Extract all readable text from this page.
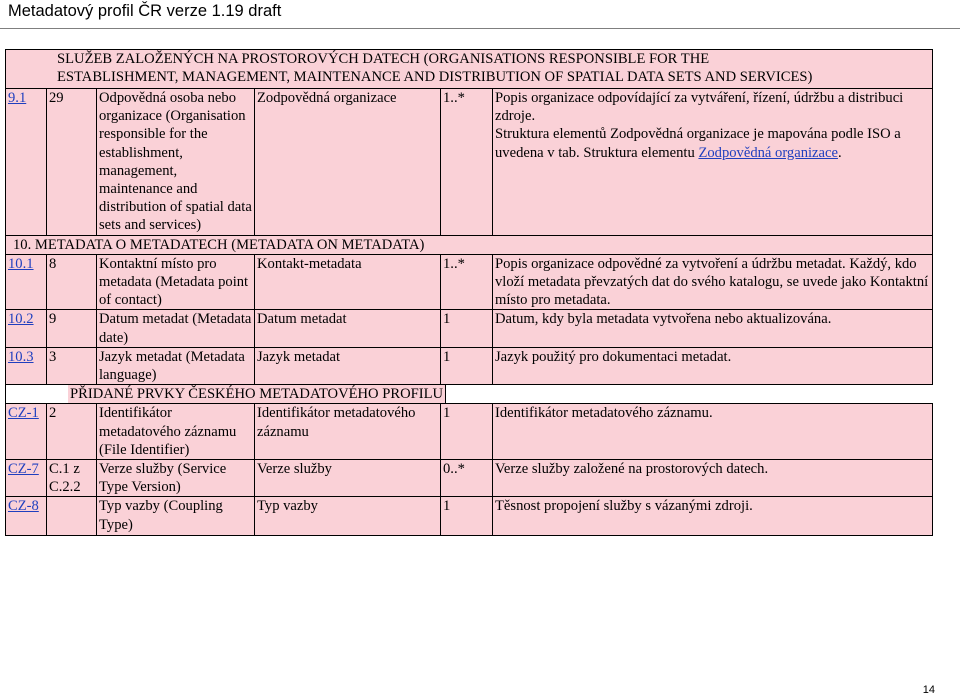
Metadatový profil ČR verze 1.19 draft
SLUŽEB ZALOŽENÝCH NA PROSTOROVÝCH DATECH (ORGANISATIONS RESPONSIBLE FOR THE
ESTABLISHMENT, MANAGEMENT, MAINTENANCE AND DISTRIBUTION OF SPATIAL DATA SETS AND SERVICES)					

9.1	29	Odpovědná osoba nebo organizace (Organisation responsible for the establishment, management, maintenance and distribution of spatial data sets and services)	Zodpovědná organizace	1..*	Popis organizace odpovídající za vytváření, řízení, údržbu a distribuci zdroje.
Struktura elementů Zodpovědná organizace je mapována podle ISO a uvedena v tab. Struktura elementu Zodpovědná organizace.

10. METADATA O METADATECH (METADATA ON METADATA)					
10.1	8	Kontaktní místo pro metadata (Metadata point of contact)	Kontakt-metadata	1..*	Popis organizace odpovědné za vytvoření a údržbu metadat. Každý, kdo vloží metadata převzatých dat do svého katalogu, se uvede jako Kontaktní místo pro metadata.
10.2	9	Datum metadat (Metadata date)	Datum metadat	1	Datum, kdy byla metadata vytvořena nebo aktualizována.
10.3	3	Jazyk metadat (Metadata language)	Jazyk metadat	1	Jazyk použitý pro dokumentaci metadat.
PŘIDANÉ PRVKY ČESKÉHO METADATOVÉHO PROFILU					
CZ-1	2	Identifikátor metadatového záznamu (File Identifier)	Identifikátor metadatového záznamu	1	Identifikátor metadatového záznamu.
CZ-7	C.1 z C.2.2	Verze služby (Service Type Version)	Verze služby	0..*	Verze služby založené na prostorových datech.
CZ-8		Typ vazby (Coupling Type)	Typ vazby	1	Těsnost propojení služby s vázanými zdroji.
14
